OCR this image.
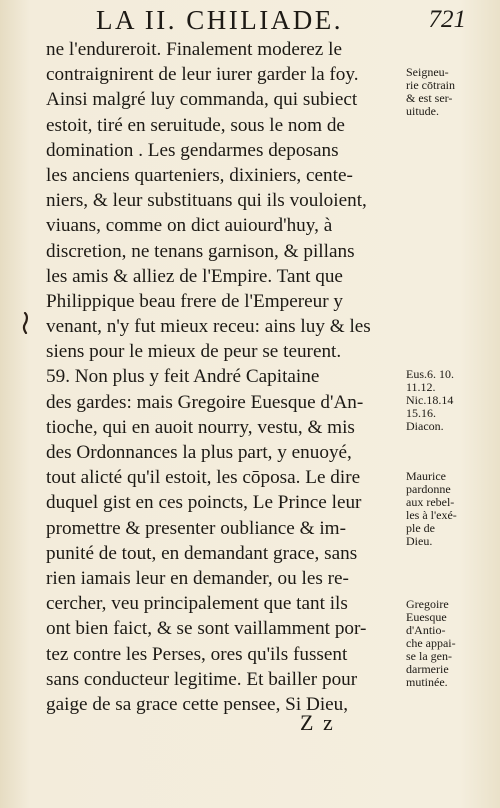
LA II. CHILIADE.	721
ne l'endureroit. Finalement moderez le
contraignirent de leur iurer garder la foy.
Ainsi malgré luy commanda, qui subiect
estoit, tiré en seruitude, sous le nom de
domination . Les gendarmes deposans
les anciens quarteniers, dixiniers, cente-
niers, & leur substituans qui ils vouloient,
viuans, comme on dict auiourd'huy, à
discretion, ne tenans garnison, & pillans
les amis & alliez de l'Empire. Tant que
Philippique beau frere de l'Empereur y
venant, n'y fut mieux receu: ains luy & les
siens pour le mieux de peur se teurent.
59. Non plus y feit André Capitaine
des gardes: mais Gregoire Euesque d'An-
tioche, qui en auoit nourry, vestu, & mis
des Ordonnances la plus part, y enuoyé,
tout alicté qu'il estoit, les cōposa. Le dire
duquel gist en ces poincts, Le Prince leur
promettre & presenter oubliance & im-
punité de tout, en demandant grace, sans
rien iamais leur en demander, ou les re-
cercher, veu principalement que tant ils
ont bien faict, & se sont vaillamment por-
tez contre les Perses, ores qu'ils fussent
sans conducteur legitime. Et bailler pour
gaige de sa grace cette pensee, Si Dieu,
Seigneu-
rie cōtrain
& est ser-
uitude.
Eus.6. 10.
11.12.
Nic.18.14
15.16.
Diacon.
Maurice
pardonne
aux rebel-
les à l'exé-
ple de
Dieu.
Gregoire
Euesque
d'Antio-
che appai-
se la gen-
darmerie
mutinée.
Z z
